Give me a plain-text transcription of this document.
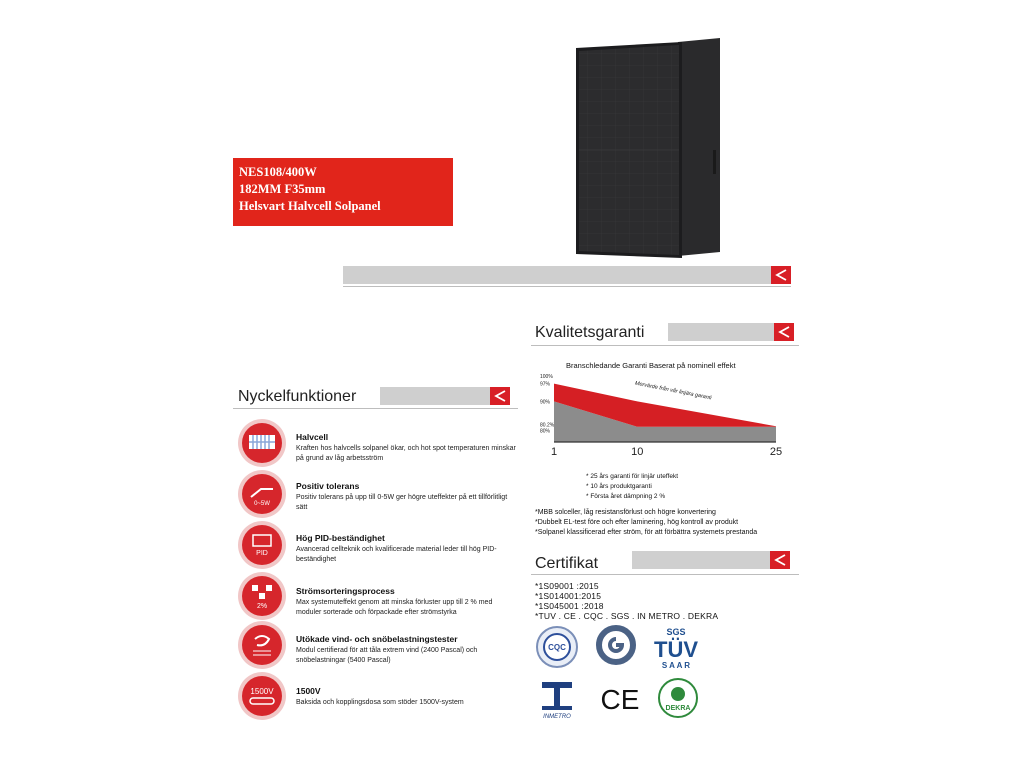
NES108/400W
182MM F35mm
Helsvart Halvcell Solpanel
Kvalitetsgaranti
Branschledande Garanti Baserat på nominell effekt
1	10	25
100%
97%
90%
80.2%
80%
Mervärde från vår linjära garanti
* 25 års garanti för linjär uteffekt
* 10 års produktgaranti
* Första året dämpning 2 %
*MBB solceller, låg resistansförlust och högre konvertering
*Dubbelt EL-test före och efter laminering, hög kontroll av produkt
*Solpanel klassificerad efter ström, för att förbättra systemets prestanda
Certifikat
*1S09001 :2015
*1S014001:2015
*1S045001 :2018
*TUV . CE . CQC . SGS . IN METRO . DEKRA
CQC
SGS
TÜV
S A A R
INMETRO
CE	DEKRA
Nyckelfunktioner
Halvcell
Kraften hos halvcells solpanel ökar, och hot spot temperaturen minskar på grund av låg arbetsström
0~5W
Positiv tolerans
Positiv tolerans på upp till 0-5W ger högre uteffekter på ett tillförlitligt sätt
PID
Hög PID-beständighet
Avancerad cellteknik och kvalificerade material leder till hög PID-beständighet
2%
Strömsorteringsprocess
Max systemuteffekt genom att minska förluster upp till 2 % med moduler sorterade och förpackade efter strömstyrka
Utökade vind- och snöbelastningstester
Modul certifierad för att tåla extrem vind (2400 Pascal) och snöbelastningar (5400 Pascal)
1500V	1500V
Baksida och kopplingsdosa som stöder 1500V-system
